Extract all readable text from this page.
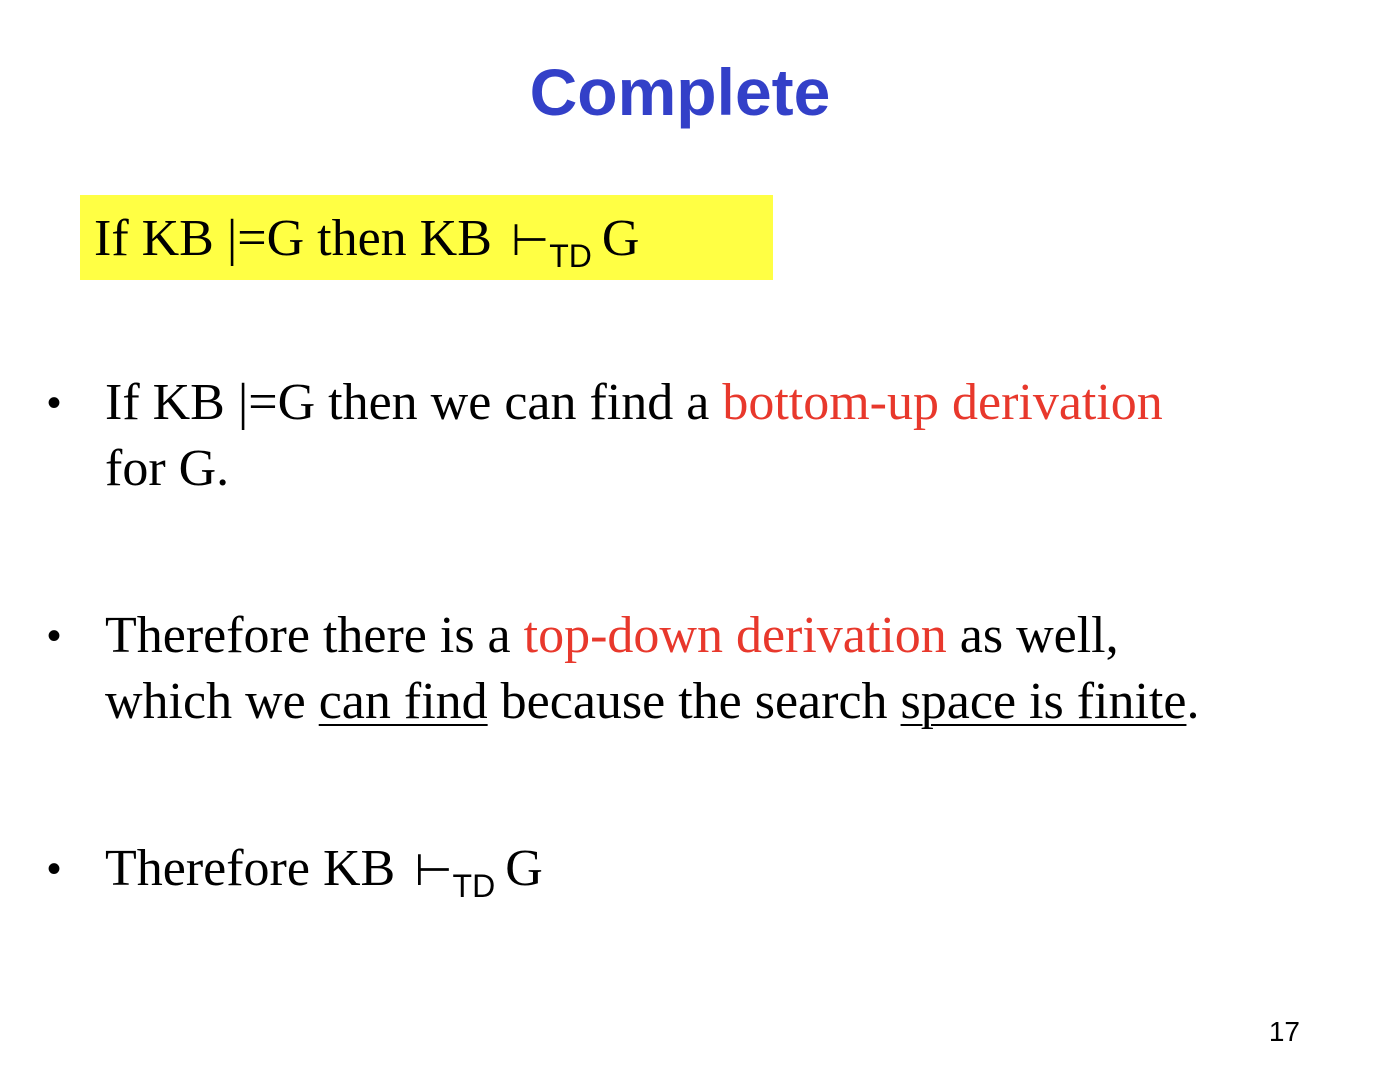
Complete
If KB |=G then KB ⊢TD G
• If KB |=G then we can find a bottom-up derivation
for G.
• Therefore there is a top-down derivation as well,
which we can find because the search space is finite.
• Therefore KB ⊢TD G
17
